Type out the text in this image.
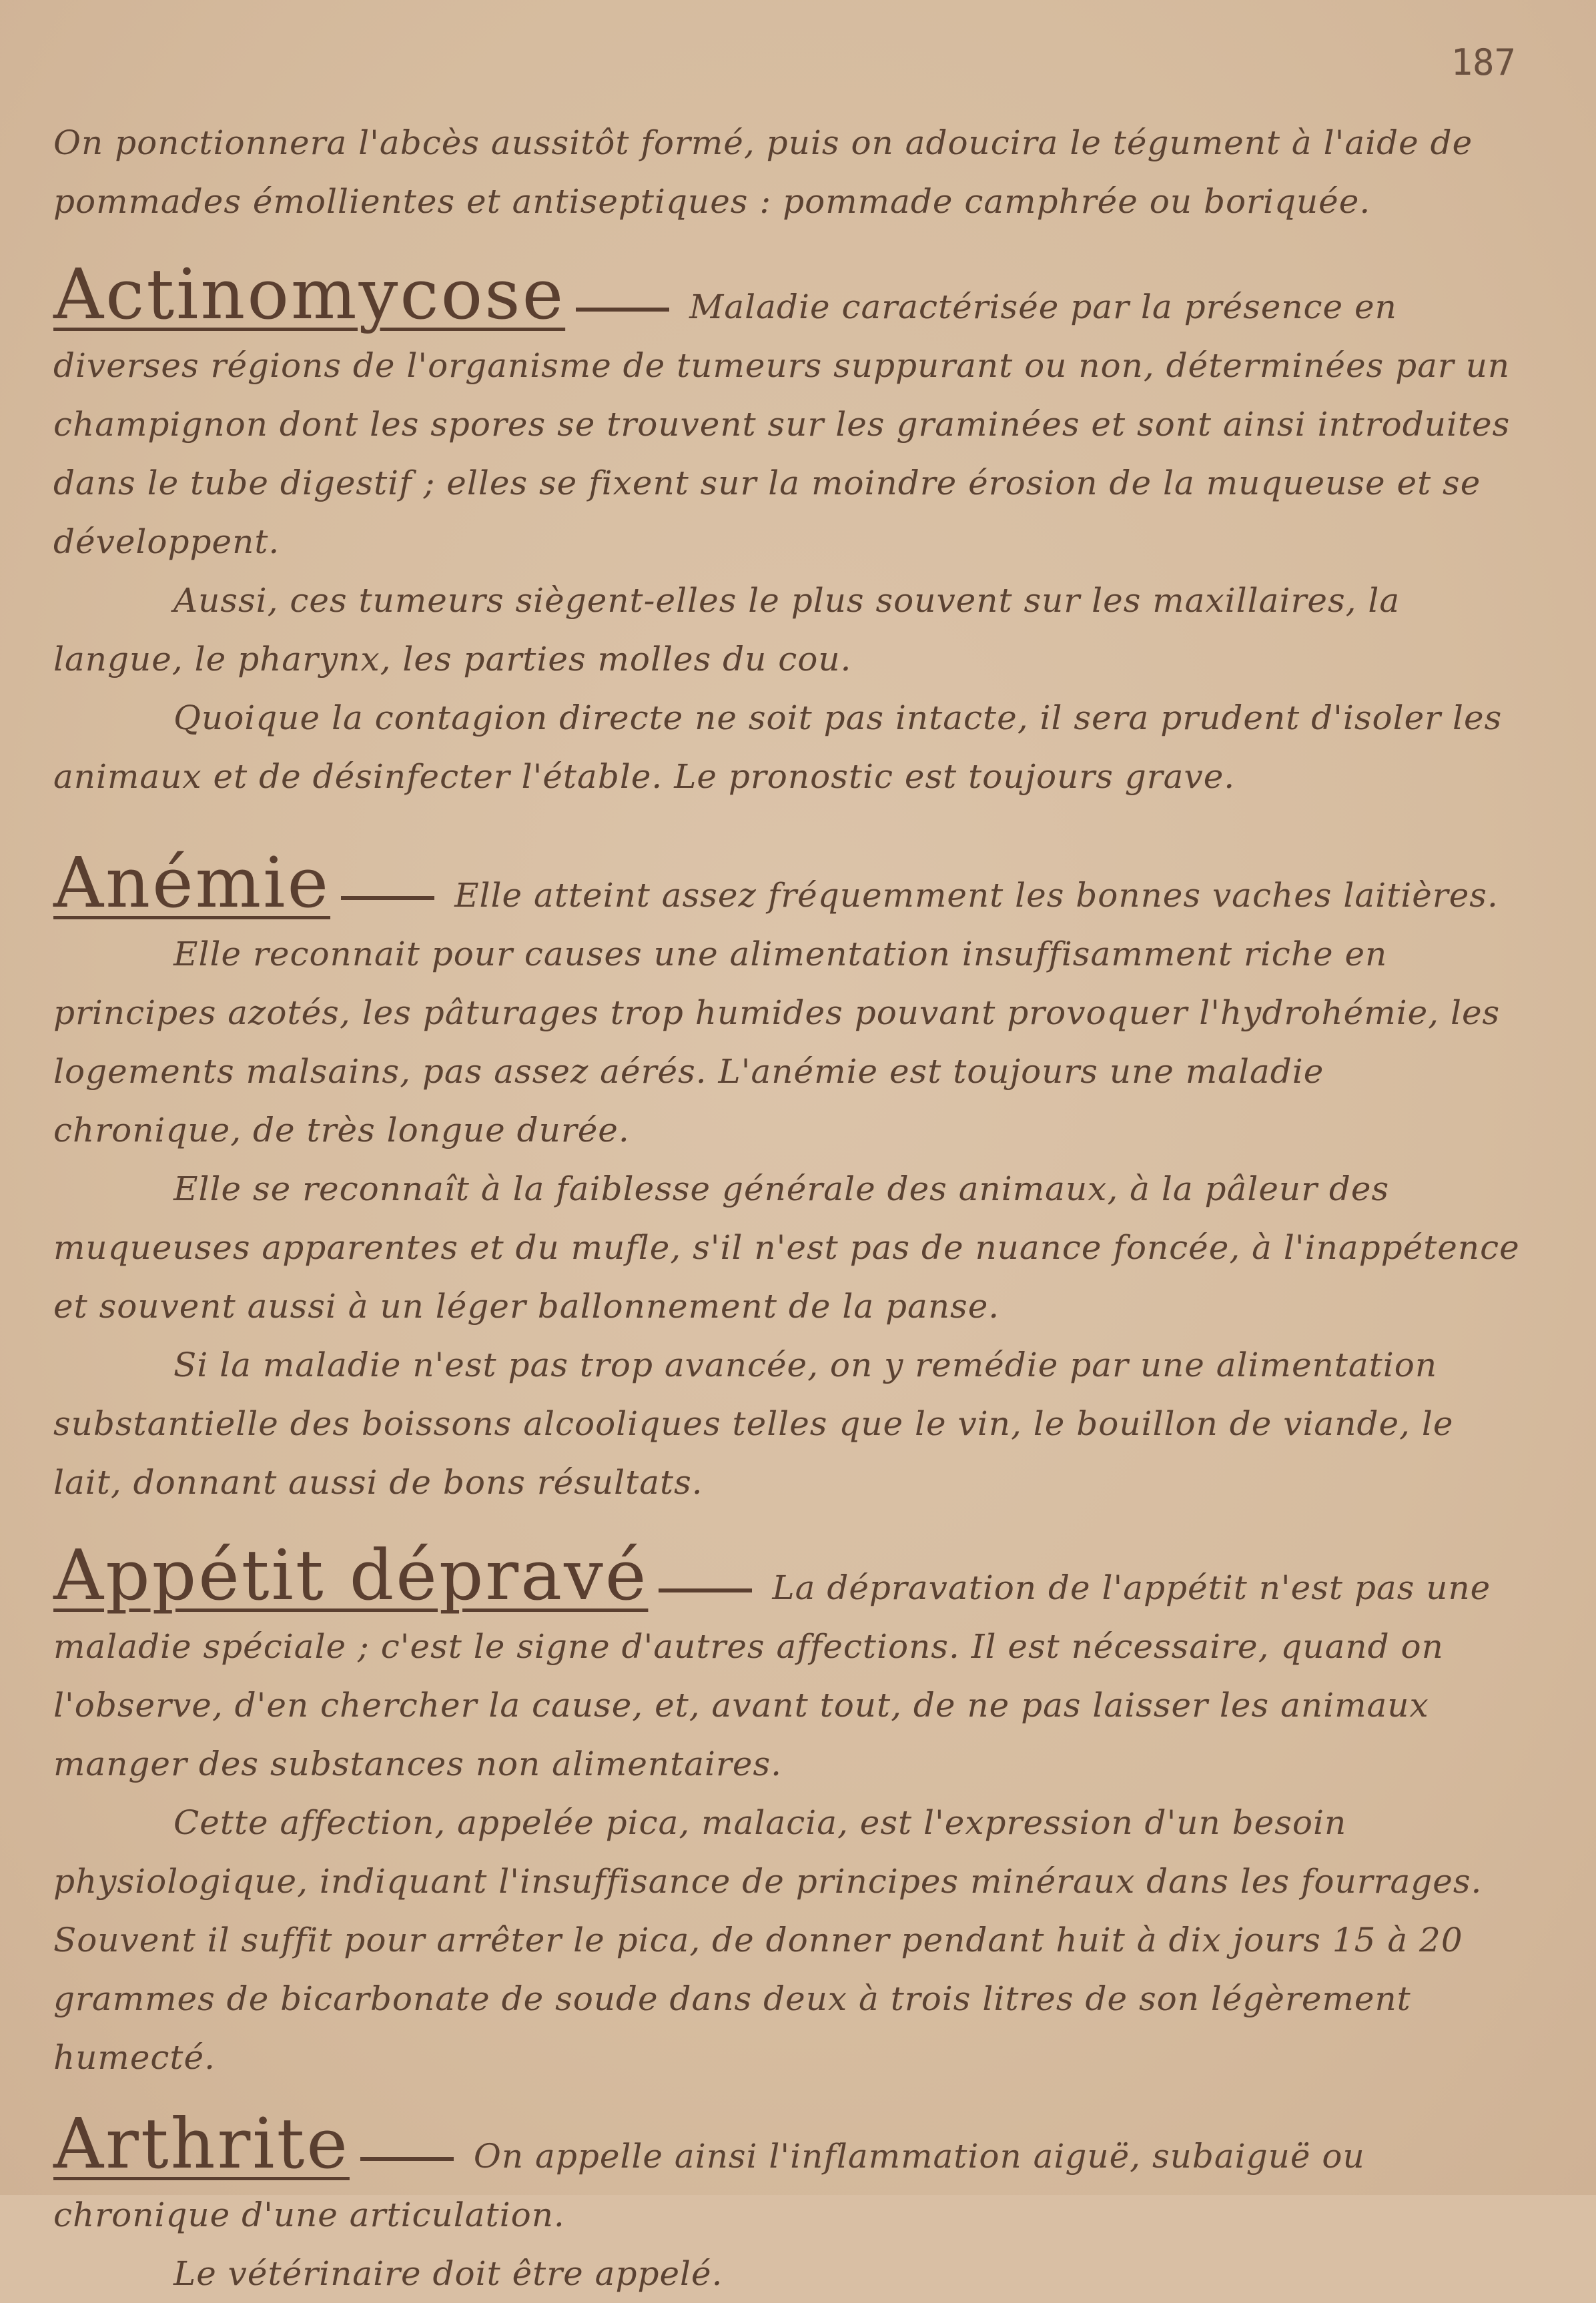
187

On ponctionnera l'abcès aussitôt formé, puis on adoucira le tégument à l'aide de pommades émollientes et antiseptiques : pommade camphrée ou boriquée.

Actinomycose	Maladie caractérisée par la présence en diverses régions de l'organisme de tumeurs suppurant ou non, déterminées par un champignon dont les spores se trouvent sur les graminées et sont ainsi introduites dans le tube digestif ; elles se fixent sur la moindre érosion de la muqueuse et se développent.

Aussi, ces tumeurs siègent-elles le plus souvent sur les maxillaires, la langue, le pharynx, les parties molles du cou.

Quoique la contagion directe ne soit pas intacte, il sera prudent d'isoler les animaux et de désinfecter l'étable. Le pronostic est toujours grave.

Anémie	Elle atteint assez fréquemment les bonnes vaches laitières.

Elle reconnait pour causes une alimentation insuffisamment riche en principes azotés, les pâturages trop humides pouvant provoquer l'hydrohémie, les logements malsains, pas assez aérés. L'anémie est toujours une maladie chronique, de très longue durée.

Elle se reconnaît à la faiblesse générale des animaux, à la pâleur des muqueuses apparentes et du mufle, s'il n'est pas de nuance foncée, à l'inappétence et souvent aussi à un léger ballonnement de la panse.

Si la maladie n'est pas trop avancée, on y remédie par une alimentation substantielle des boissons alcooliques telles que le vin, le bouillon de viande, le lait, donnant aussi de bons résultats.

Appétit dépravé	La dépravation de l'appétit n'est pas une maladie spéciale ; c'est le signe d'autres affections. Il est nécessaire, quand on l'observe, d'en chercher la cause, et, avant tout, de ne pas laisser les animaux manger des substances non alimentaires.

Cette affection, appelée pica, malacia, est l'expression d'un besoin physiologique, indiquant l'insuffisance de principes minéraux dans les fourrages. Souvent il suffit pour arrêter le pica, de donner pendant huit à dix jours 15 à 20 grammes de bicarbonate de soude dans deux à trois litres de son légèrement humecté.

Arthrite	On appelle ainsi l'inflammation aiguë, subaiguë ou chronique d'une articulation.

Le vétérinaire doit être appelé.
